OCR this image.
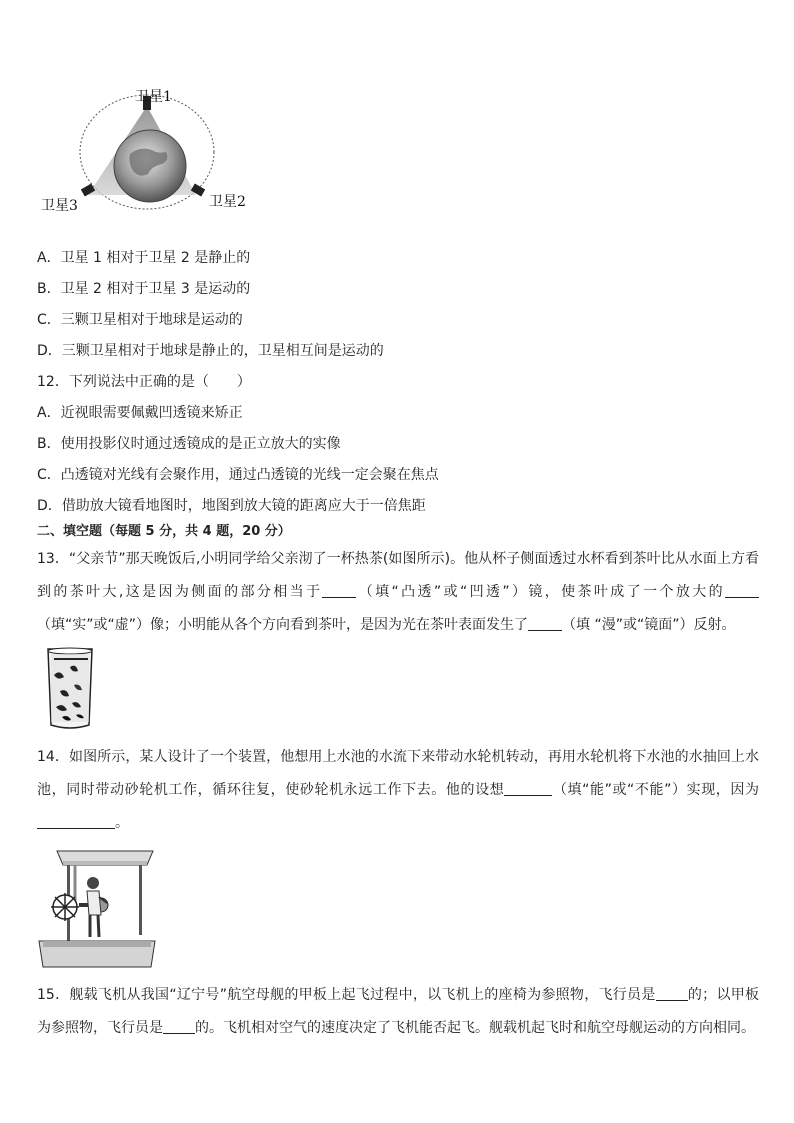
卫星1
卫星2
卫星3
A．卫星 1 相对于卫星 2 是静止的
B．卫星 2 相对于卫星 3 是运动的
C．三颗卫星相对于地球是运动的
D．三颗卫星相对于地球是静止的，卫星相互间是运动的
12．下列说法中正确的是（　　）
A．近视眼需要佩戴凹透镜来矫正
B．使用投影仪时通过透镜成的是正立放大的实像
C．凸透镜对光线有会聚作用，通过凸透镜的光线一定会聚在焦点
D．借助放大镜看地图时，地图到放大镜的距离应大于一倍焦距
二、填空题（每题 5 分，共 4 题，20 分）
13．“父亲节”那天晚饭后,小明同学给父亲沏了一杯热茶(如图所示)。他从杯子侧面透过水杯看到茶叶比从水面上方看到的茶叶大,这是因为侧面的部分相当于 （填“凸透”或“凹透”）镜，使茶叶成了一个放大的（填“实”或“虚”）像；小明能从各个方向看到茶叶，是因为光在茶叶表面发生了 （填 “漫”或“镜面”）反射。
14．如图所示，某人设计了一个装置，他想用上水池的水流下来带动水轮机转动，再用水轮机将下水池的水抽回上水池，同时带动砂轮机工作，循环往复，使砂轮机永远工作下去。他的设想	（填“能”或“不能”）实现，因为。
15．舰载飞机从我国“辽宁号”航空母舰的甲板上起飞过程中，以飞机上的座椅为参照物，飞行员是 的；以甲板为参照物，飞行员是 的。飞机相对空气的速度决定了飞机能否起飞。舰载机起飞时和航空母舰运动的方向相同。
